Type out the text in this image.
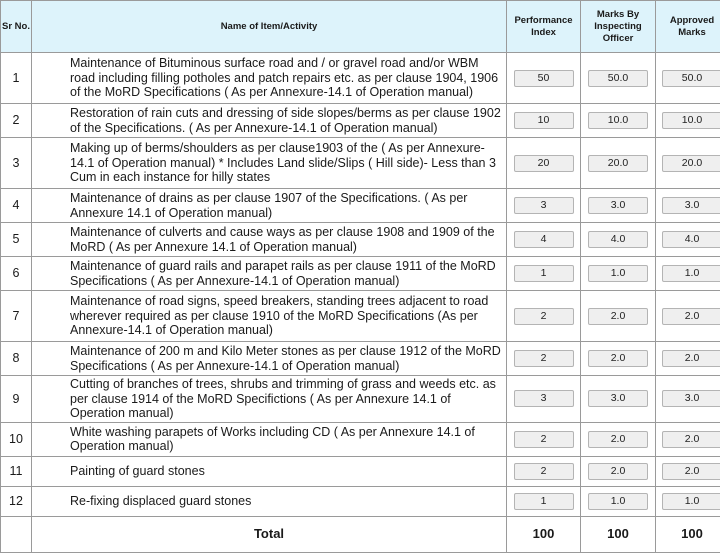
Sr No.	Name of Item/Activity	Performance Index	Marks By Inspecting Officer	Approved Marks
1	Maintenance of Bituminous surface road and / or gravel road and/or WBM road including filling potholes and patch repairs etc. as per clause 1904, 1906 of the MoRD Specifications ( As per Annexure-14.1 of Operation manual)	50	50.0	50.0
2	Restoration of rain cuts and dressing of side slopes/berms as per clause 1902 of the Specifications. ( As per Annexure-14.1 of Operation manual)	10	10.0	10.0
3	Making up of berms/shoulders as per clause1903 of the ( As per Annexure-14.1 of Operation manual) * Includes Land slide/Slips ( Hill side)- Less than 3 Cum in each instance for hilly states	20	20.0	20.0
4	Maintenance of drains as per clause 1907 of the Specifications. ( As per Annexure 14.1 of Operation manual)	3	3.0	3.0
5	Maintenance of culverts and cause ways as per clause 1908 and 1909 of the MoRD ( As per Annexure 14.1 of Operation manual)	4	4.0	4.0
6	Maintenance of guard rails and parapet rails as per clause 1911 of the MoRD Specifications ( As per Annexure-14.1 of Operation manual)	1	1.0	1.0
7	Maintenance of road signs, speed breakers, standing trees adjacent to road wherever required as per clause 1910 of the MoRD Specifications (As per Annexure-14.1 of Operation manual)	2	2.0	2.0
8	Maintenance of 200 m and Kilo Meter stones as per clause 1912 of the MoRD Specifications ( As per Annexure-14.1 of Operation manual)	2	2.0	2.0
9	Cutting of branches of trees, shrubs and trimming of grass and weeds etc. as per clause 1914 of the MoRD Specifictions ( As per Annexure 14.1 of Operation manual)	3	3.0	3.0
10	White washing parapets of Works including CD ( As per Annexure 14.1 of Operation manual)	2	2.0	2.0
11	Painting of guard stones	2	2.0	2.0
12	Re-fixing displaced guard stones	1	1.0	1.0
	Total	100	100	100
